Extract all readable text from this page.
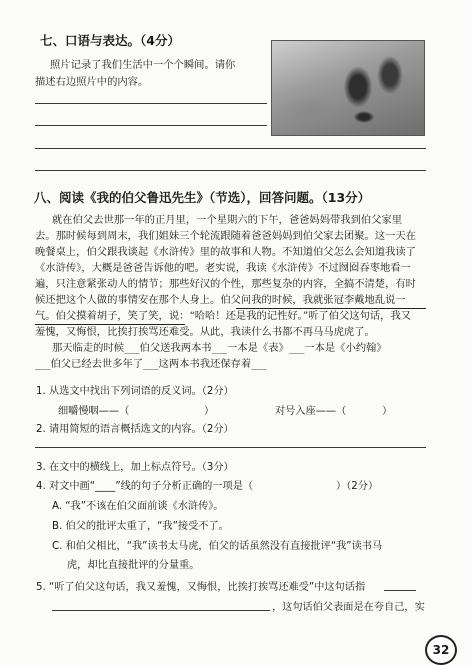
七、口语与表达。（4分）
照片记录了我们生活中一个个瞬间。请你
描述右边照片中的内容。
八、阅读《我的伯父鲁迅先生》（节选），回答问题。（13分）
就在伯父去世那一年的正月里，一个星期六的下午，爸爸妈妈带我到伯父家里
去。那时候每到周末，我们姐妹三个轮流跟随着爸爸妈妈到伯父家去团聚。这一天在
晚餐桌上，伯父跟我谈起《水浒传》里的故事和人物。不知道伯父怎么会知道我读了
《水浒传》，大概是爸爸告诉他的吧。老实说，我读《水浒传》不过囫囵吞枣地看一
遍，只注意紧张动人的情节；那些好汉的个性，那些复杂的内容，全搞不清楚，有时
候还把这个人做的事情安在那个人身上。伯父问我的时候，我就张冠李戴地乱说一
气。伯父摸着胡子，笑了笑，说：“哈哈！还是我的记性好。”听了伯父这句话，我又
羞愧，又悔恨，比挨打挨骂还难受。从此，我读什么书都不再马马虎虎了。
那天临走的时候___伯父送我两本书___一本是《表》___一本是《小约翰》
___伯父已经去世多年了___这两本书我还保存着___
1. 从选文中找出下列词语的反义词。（2分）
细嚼慢咽——（	）	对号入座——（	）
2. 请用简短的语言概括选文的内容。（2分）
3. 在文中的横线上，加上标点符号。（3分）
4. 对文中画“____”线的句子分析正确的一项是（	）（2分）
A. “我”不该在伯父面前谈《水浒传》。
B. 伯父的批评太重了，“我”接受不了。
C. 和伯父相比，“我”读书太马虎，伯父的话虽然没有直接批评“我”读书马
虎，却比直接批评的分量重。
5. “听了伯父这句话，我又羞愧，又悔恨，比挨打挨骂还难受”中这句话指
，这句话伯父表面是在夸自己，实
32
